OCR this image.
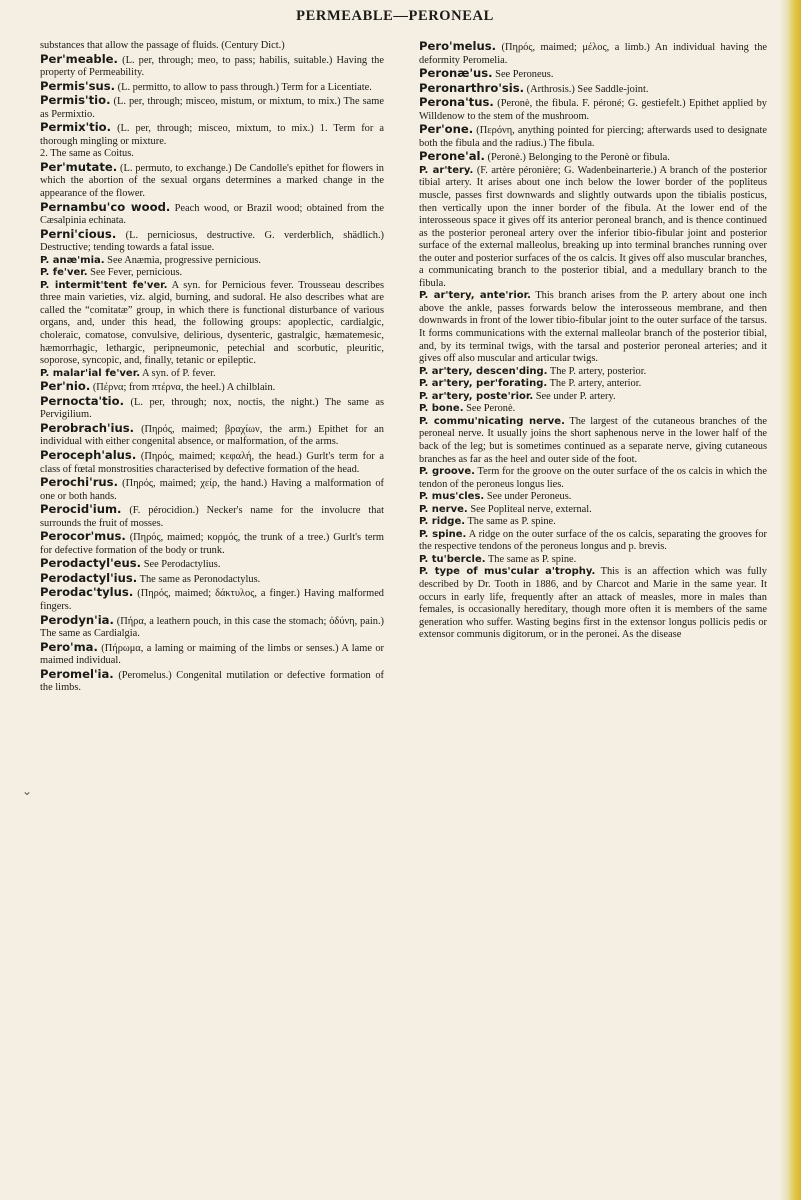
PERMEABLE—PERONEAL

substances that allow the passage of fluids. (Century Dict.)

Per'meable. (L. per, through; meo, to pass; habilis, suitable.) Having the property of Permeability.

Permis'sus. (L. permitto, to allow to pass through.) Term for a Licentiate.

Permis'tio. (L. per, through; misceo, mistum, or mixtum, to mix.) The same as Permixtio.

Permix'tio. (L. per, through; misceo, mixtum, to mix.) 1. Term for a thorough mingling or mixture.

2. The same as Coitus.

Per'mutate. (L. permuto, to exchange.) De Candolle's epithet for flowers in which the abortion of the sexual organs determines a marked change in the appearance of the flower.

Pernambu'co wood. Peach wood, or Brazil wood; obtained from the Cæsalpinia echinata.

Perni'cious. (L. perniciosus, destructive. G. verderblich, shädlich.) Destructive; tending towards a fatal issue.

P. anæ'mia. See Anæmia, progressive pernicious.

P. fe'ver. See Fever, pernicious.

P. intermit'tent fe'ver. A syn. for Pernicious fever. Trousseau describes three main varieties, viz. algid, burning, and sudoral. He also describes what are called the “comitatæ” group, in which there is functional disturbance of various organs, and, under this head, the following groups: apoplectic, cardialgic, choleraic, comatose, convulsive, delirious, dysenteric, gastralgic, hæmatemesic, hæmorrhagic, lethargic, peripneumonic, petechial and scorbutic, pleuritic, soporose, syncopic, and, finally, tetanic or epileptic.

P. malar'ial fe'ver. A syn. of P. fever.

Per'nio. (Πέρνα; from πτέρνα, the heel.) A chilblain.

Pernocta'tio. (L. per, through; nox, noctis, the night.) The same as Pervigilium.

Perobrach'ius. (Πηρός, maimed; βραχίων, the arm.) Epithet for an individual with either congenital absence, or malformation, of the arms.

Peroceph'alus. (Πηρός, maimed; κεφαλή, the head.) Gurlt's term for a class of fœtal monstrosities characterised by defective formation of the head.

Perochi'rus. (Πηρός, maimed; χείρ, the hand.) Having a malformation of one or both hands.

Perocid'ium. (F. pérocidion.) Necker's name for the involucre that surrounds the fruit of mosses.

Perocor'mus. (Πηρός, maimed; κορμός, the trunk of a tree.) Gurlt's term for defective formation of the body or trunk.

Perodactyl'eus. See Perodactylius.

Perodactyl'ius. The same as Peronodactylus.

Perodac'tylus. (Πηρός, maimed; δάκτυλος, a finger.) Having malformed fingers.

Perodyn'ia. (Πήρα, a leathern pouch, in this case the stomach; ὀδύνη, pain.) The same as Cardialgia.

Pero'ma. (Πήρωμα, a laming or maiming of the limbs or senses.) A lame or maimed individual.

Peromel'ia. (Peromelus.) Congenital mutilation or defective formation of the limbs.

Pero'melus. (Πηρός, maimed; μέλος, a limb.) An individual having the deformity Peromelia.

Peronæ'us. See Peroneus.

Peronarthro'sis. (Arthrosis.) See Saddle-joint.

Perona'tus. (Peronè, the fibula. F. péroné; G. gestiefelt.) Epithet applied by Willdenow to the stem of the mushroom.

Per'one. (Περόνη, anything pointed for piercing; afterwards used to designate both the fibula and the radius.) The fibula.

Perone'al. (Peronè.) Belonging to the Peronè or fibula.

P. ar'tery. (F. artère péronière; G. Wadenbeinarterie.) A branch of the posterior tibial artery. It arises about one inch below the lower border of the popliteus muscle, passes first downwards and slightly outwards upon the tibialis posticus, then vertically upon the inner border of the fibula. At the lower end of the interosseous space it gives off its anterior peroneal branch, and is thence continued as the posterior peroneal artery over the inferior tibio-fibular joint and posterior surface of the external malleolus, breaking up into terminal branches running over the outer and posterior surfaces of the os calcis. It gives off also muscular branches, a communicating branch to the posterior tibial, and a medullary branch to the fibula.

P. ar'tery, ante'rior. This branch arises from the P. artery about one inch above the ankle, passes forwards below the interosseous membrane, and then downwards in front of the lower tibio-fibular joint to the outer surface of the tarsus. It forms communications with the external malleolar branch of the posterior tibial, and, by its terminal twigs, with the tarsal and posterior peroneal arteries; and it gives off also muscular and articular twigs.

P. ar'tery, descen'ding. The P. artery, posterior.

P. ar'tery, per'forating. The P. artery, anterior.

P. ar'tery, poste'rior. See under P. artery.

P. bone. See Peronè.

P. commu'nicating nerve. The largest of the cutaneous branches of the peroneal nerve. It usually joins the short saphenous nerve in the lower half of the back of the leg; but is sometimes continued as a separate nerve, giving cutaneous branches as far as the heel and outer side of the foot.

P. groove. Term for the groove on the outer surface of the os calcis in which the tendon of the peroneus longus lies.

P. mus'cles. See under Peroneus.

P. nerve. See Popliteal nerve, external.

P. ridge. The same as P. spine.

P. spine. A ridge on the outer surface of the os calcis, separating the grooves for the respective tendons of the peroneus longus and p. brevis.

P. tu'bercle. The same as P. spine.

P. type of mus'cular a'trophy. This is an affection which was fully described by Dr. Tooth in 1886, and by Charcot and Marie in the same year. It occurs in early life, frequently after an attack of measles, more in males than females, is occasionally hereditary, though more often it is members of the same generation who suffer. Wasting begins first in the extensor longus pollicis pedis or extensor communis digitorum, or in the peronei. As the disease

⌄
